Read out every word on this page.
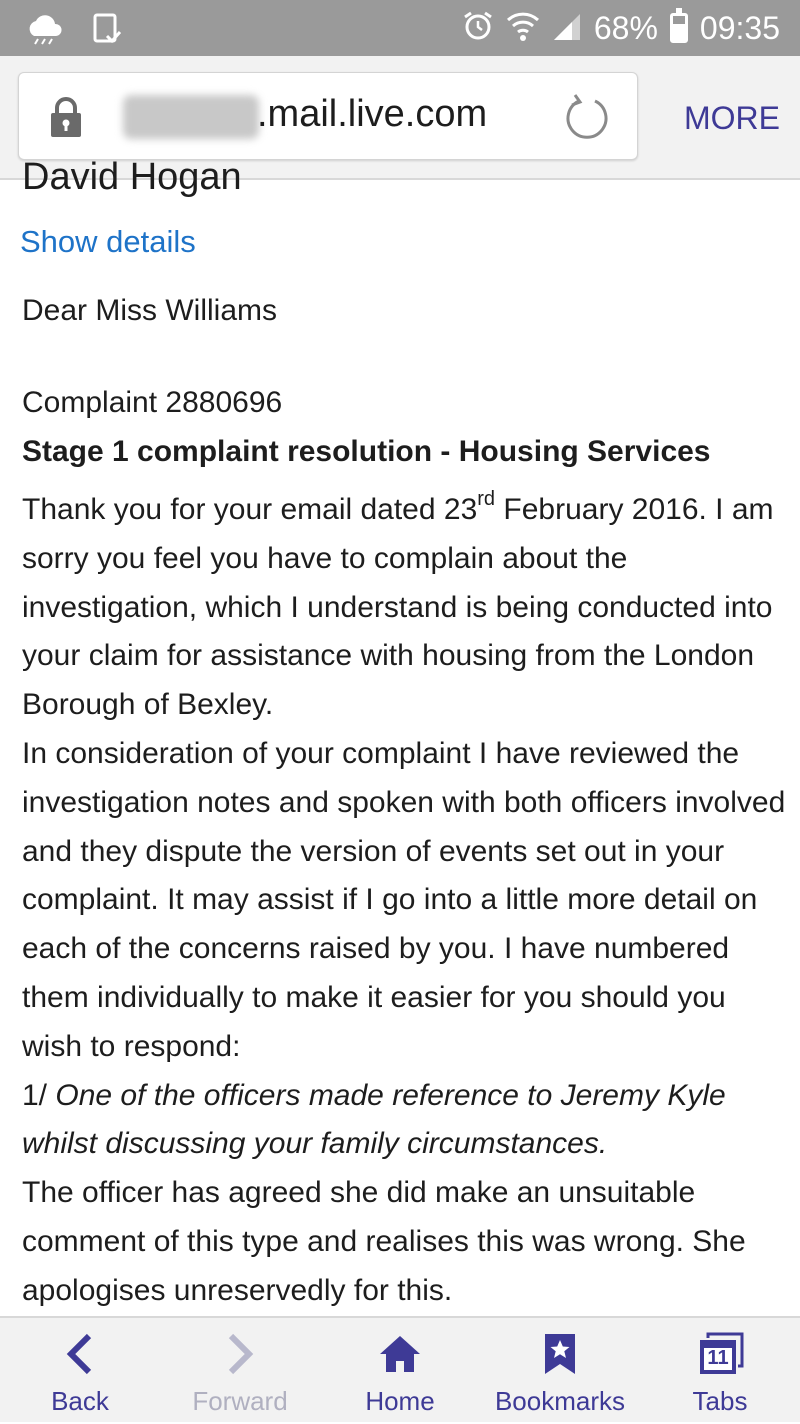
68% 09:35
.mail.live.com	MORE
David Hogan
Show details
Dear Miss Williams
Complaint 2880696
Stage 1 complaint resolution - Housing Services

Thank you for your email dated 23rd February 2016. I am sorry you feel you have to complain about the investigation, which I understand is being conducted into your claim for assistance with housing from the London Borough of Bexley.

In consideration of your complaint I have reviewed the investigation notes and spoken with both officers involved and they dispute the version of events set out in your complaint. It may assist if I go into a little more detail on each of the concerns raised by you. I have numbered them individually to make it easier for you should you wish to respond:

1/ One of the officers made reference to Jeremy Kyle whilst discussing your family circumstances.

The officer has agreed she did make an unsuitable comment of this type and realises this was wrong. She apologises unreservedly for this.

Back	Forward	Home Bookmarks
11
Tabs
